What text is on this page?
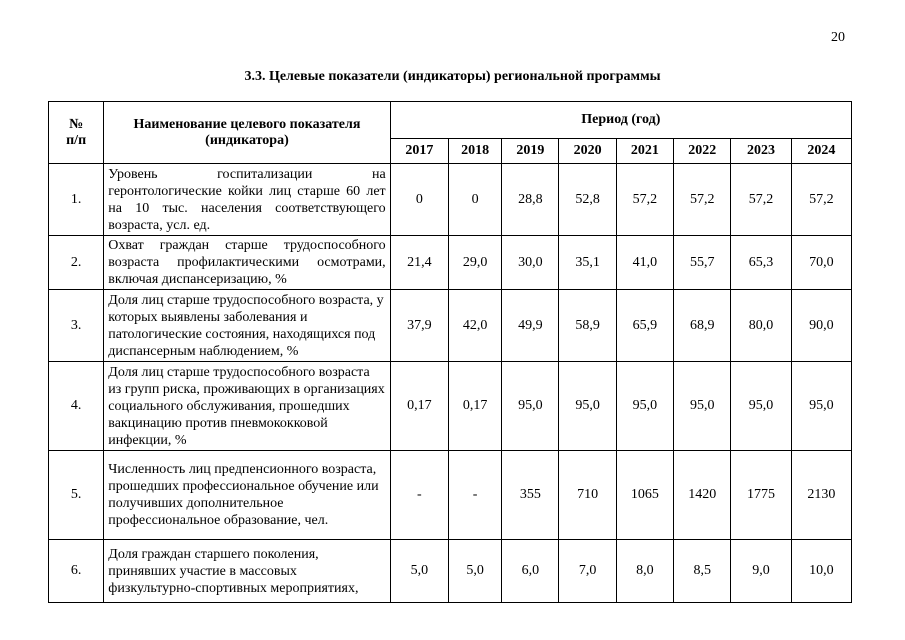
20
3.3. Целевые показатели (индикаторы) региональной программы
№
п/п	Наименование целевого показателя (индикатора)	Период (год)							
		2017	2018	2019	2020	2021	2022	2023	2024
1.	Уровень госпитализации на геронтологические койки лиц старше 60 лет на 10 тыс. населения соответствующего возраста, усл. ед.	0	0	28,8	52,8	57,2	57,2	57,2	57,2
2.	Охват граждан старше трудоспособного возраста профилактическими осмотрами, включая диспансеризацию, %	21,4	29,0	30,0	35,1	41,0	55,7	65,3	70,0
3.	Доля лиц старше трудоспособного возраста, у которых выявлены заболевания и патологические состояния, находящихся под диспансерным наблюдением, %	37,9	42,0	49,9	58,9	65,9	68,9	80,0	90,0
4.	Доля лиц старше трудоспособного возраста из групп риска, проживающих в организациях социального обслуживания, прошедших вакцинацию против пневмококковой инфекции, %	0,17	0,17	95,0	95,0	95,0	95,0	95,0	95,0
5.	Численность лиц предпенсионного возраста, прошедших профессиональное обучение или получивших дополнительное профессиональное образование, чел.	-	-	355	710	1065	1420	1775	2130
6.	Доля граждан старшего поколения, принявших участие в массовых физкультурно-спортивных мероприятиях,	5,0	5,0	6,0	7,0	8,0	8,5	9,0	10,0
